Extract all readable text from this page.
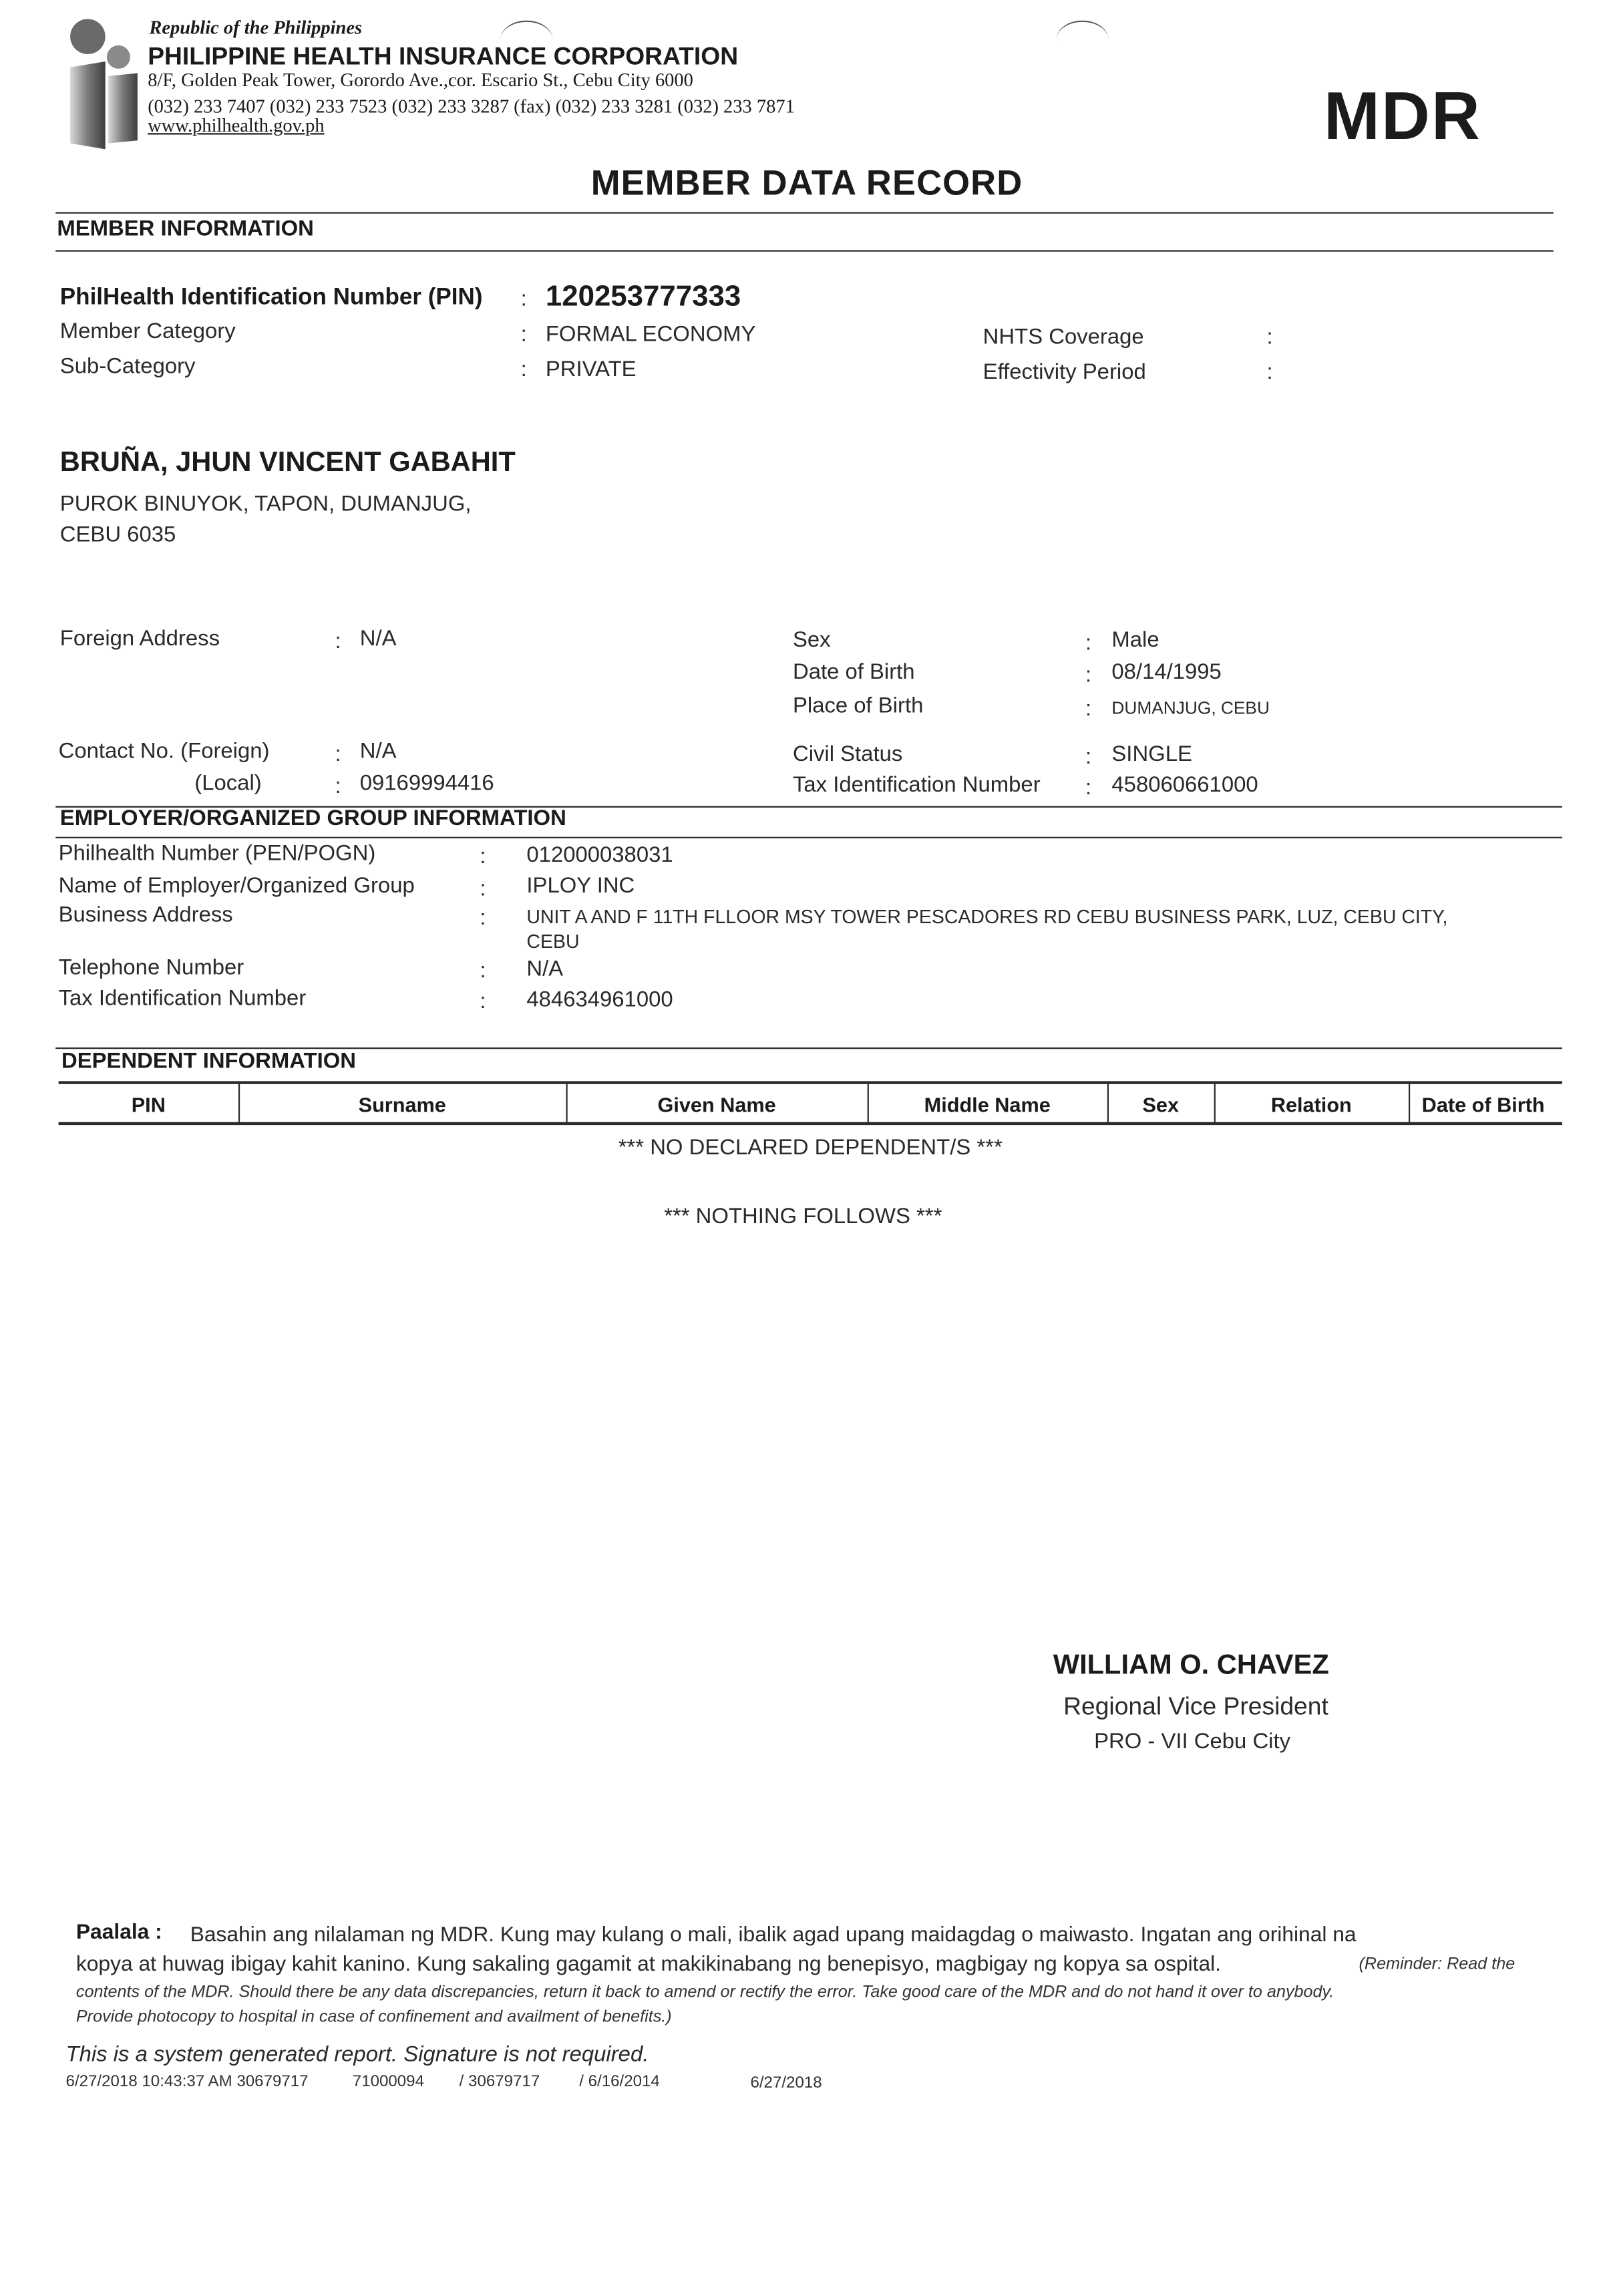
Republic of the Philippines
PHILIPPINE HEALTH INSURANCE CORPORATION
8/F, Golden Peak Tower, Gorordo Ave.,cor. Escario St., Cebu City 6000
(032) 233 7407 (032) 233 7523 (032) 233 3287 (fax) (032) 233 3281 (032) 233 7871
www.philhealth.gov.ph	MDR
MEMBER DATA RECORD
MEMBER INFORMATION
PhilHealth Identification Number (PIN)	: 120253777333
Member Category	: FORMAL ECONOMY
Sub-Category	: PRIVATE
NHTS Coverage	:
Effectivity Period	:
BRUÑA, JHUN VINCENT GABAHIT
PUROK BINUYOK, TAPON, DUMANJUG,
CEBU 6035
Foreign Address	: N/A	Sex	: Male
Date of Birth	: 08/14/1995
Place of Birth	:	DUMANJUG, CEBU
Contact No. (Foreign)	: N/A
(Local)	: 09169994416
Civil Status	: SINGLE
Tax Identification Number	: 458060661000
EMPLOYER/ORGANIZED GROUP INFORMATION
Philhealth Number (PEN/POGN)	:	012000038031
Name of Employer/Organized Group	:	IPLOY INC
Business Address	:	UNIT A AND F 11TH FLLOOR MSY TOWER PESCADORES RD CEBU BUSINESS PARK, LUZ, CEBU CITY,
CEBU
Telephone Number	:	N/A
Tax Identification Number	:	484634961000
DEPENDENT INFORMATION
PIN	Surname	Given Name	Middle Name	Sex	Relation	Date of Birth
*** NO DECLARED DEPENDENT/S ***
*** NOTHING FOLLOWS ***
WILLIAM O. CHAVEZ
Regional Vice President
PRO - VII Cebu City
Paalala :	Basahin ang nilalaman ng MDR. Kung may kulang o mali, ibalik agad upang maidagdag o maiwasto. Ingatan ang orihinal na
kopya at huwag ibigay kahit kanino. Kung sakaling gagamit at makikinabang ng benepisyo, magbigay ng kopya sa ospital.	(Reminder: Read the
contents of the MDR. Should there be any data discrepancies, return it back to amend or rectify the error. Take good care of the MDR and do not hand it over to anybody.
Provide photocopy to hospital in case of confinement and availment of benefits.)
This is a system generated report. Signature is not required.
6/27/2018 10:43:37 AM 30679717	71000094	/ 30679717	/ 6/16/2014	6/27/2018
